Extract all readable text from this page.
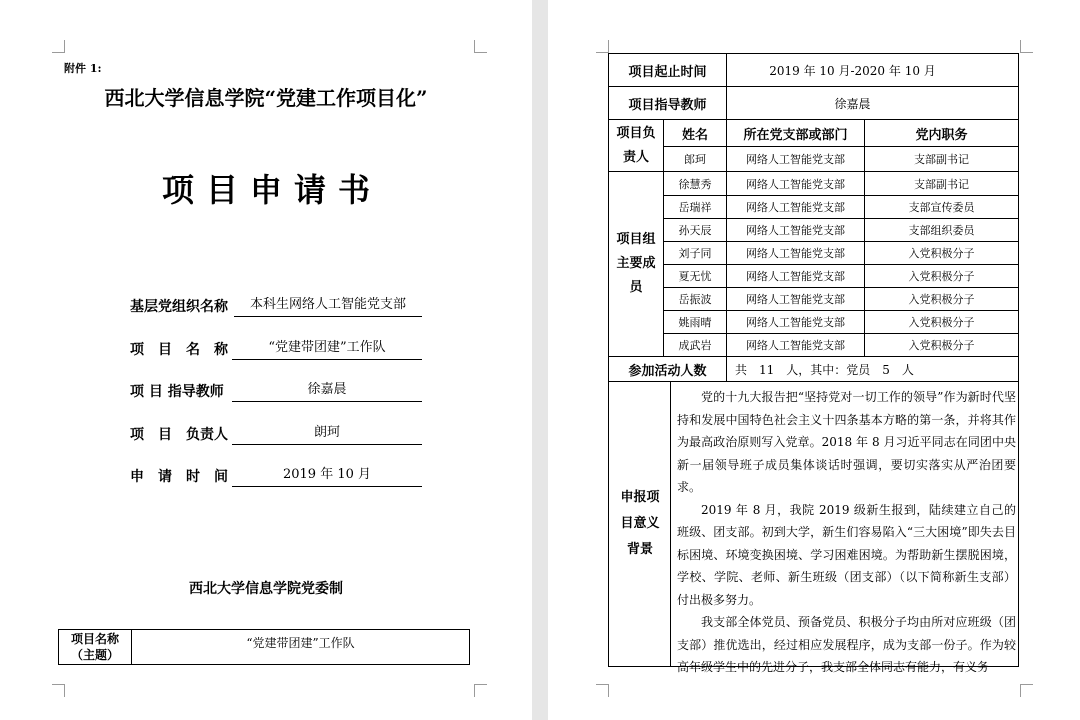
附件 1:
西北大学信息学院“党建工作项目化”
项目申请书
基层党组织名称	本科生网络人工智能党支部
项　目　名　称	“党建带团建”工作队
项 目 指导教师	徐嘉晨
项　目　负责人	朗珂
申　请　时　间	2019 年 10 月
西北大学信息学院党委制
项目名称
（主题）
“党建带团建”工作队
项目起止时间	2019 年 10 月-2020 年 10 月
项目指导教师	徐嘉晨
姓名	所在党支部或部门	党内职务
项目负责人	郎珂	网络人工智能党支部	支部副书记
项目组主要成员
徐慧秀	网络人工智能党支部	支部副书记
岳瑞祥	网络人工智能党支部	支部宣传委员
孙天辰	网络人工智能党支部	支部组织委员
刘子同	网络人工智能党支部	入党积极分子
夏无忧	网络人工智能党支部	入党积极分子
岳振波	网络人工智能党支部	入党积极分子
姚雨晴	网络人工智能党支部	入党积极分子
成武岩	网络人工智能党支部	入党积极分子
参加活动人数	共　11　人，其中：党员　5　人
申报项目意义背景

党的十九大报告把“坚持党对一切工作的领导”作为新时代坚持和发展中国特色社会主义十四条基本方略的第一条，并将其作为最高政治原则写入党章。2018 年 8 月习近平同志在同团中央新一届领导班子成员集体谈话时强调，要切实落实从严治团要求。

2019 年 8 月，我院 2019 级新生报到，陆续建立自己的班级、团支部。初到大学，新生们容易陷入“三大困境”即失去目标困境、环境变换困境、学习困难困境。为帮助新生摆脱困境，学校、学院、老师、新生班级（团支部）（以下简称新生支部）付出极多努力。

我支部全体党员、预备党员、积极分子均由所对应班级（团支部）推优选出，经过相应发展程序，成为支部一份子。作为较高年级学生中的先进分子，我支部全体同志有能力，有义务
